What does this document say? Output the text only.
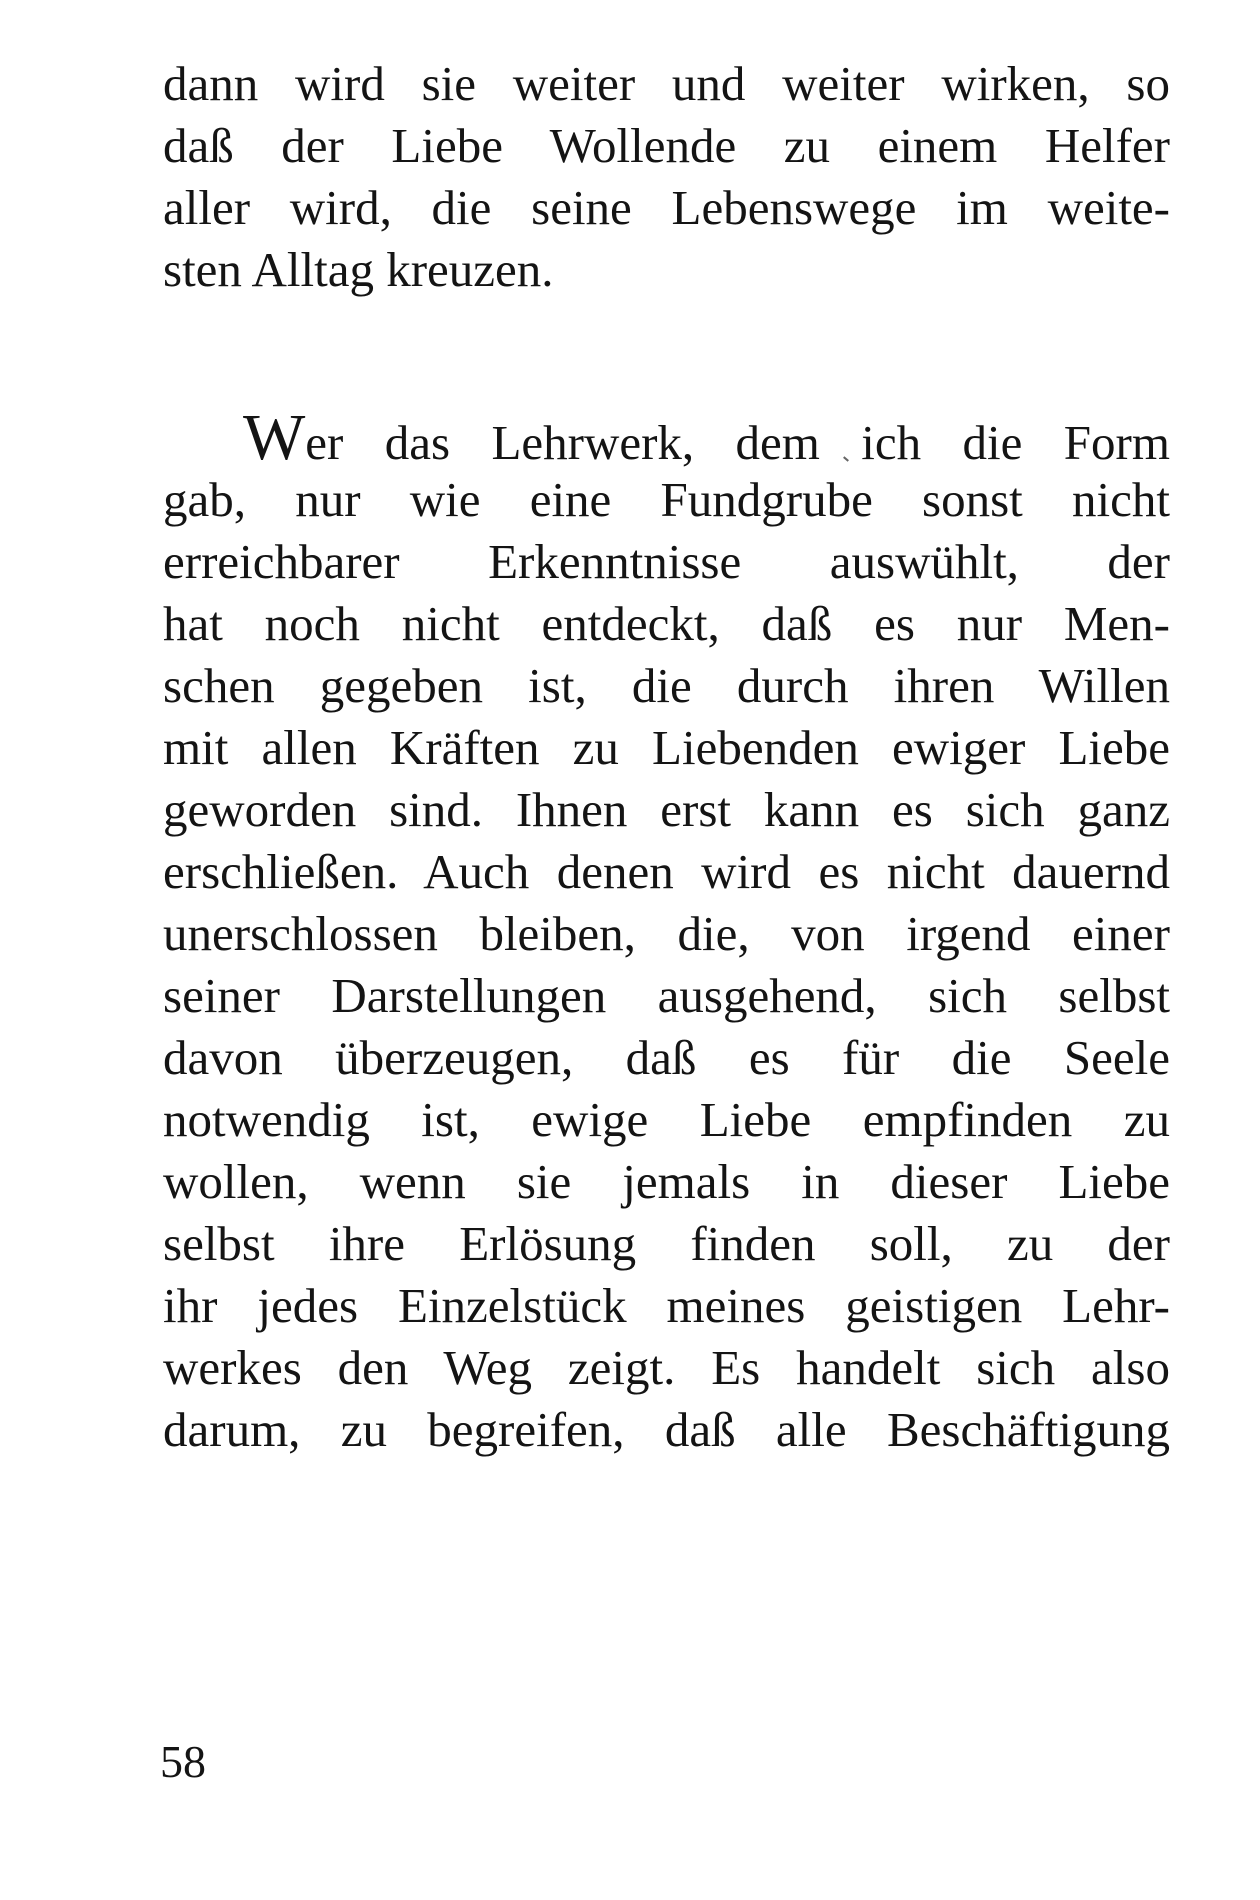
dann wird sie weiter und weiter wirken, so
daß der Liebe Wollende zu einem Helfer
aller wird, die seine Lebenswege im weite-
sten Alltag kreuzen.
Wer das Lehrwerk, dem ich die Form
gab, nur wie eine Fundgrube sonst nicht
erreichbarer Erkenntnisse auswühlt, der
hat noch nicht entdeckt, daß es nur Men-
schen gegeben ist, die durch ihren Willen
mit allen Kräften zu Liebenden ewiger Liebe
geworden sind. Ihnen erst kann es sich ganz
erschließen. Auch denen wird es nicht dauernd
unerschlossen bleiben, die, von irgend einer
seiner Darstellungen ausgehend, sich selbst
davon überzeugen, daß es für die Seele
notwendig ist, ewige Liebe empfinden zu
wollen, wenn sie jemals in dieser Liebe
selbst ihre Erlösung finden soll, zu der
ihr jedes Einzelstück meines geistigen Lehr-
werkes den Weg zeigt. Es handelt sich also
darum, zu begreifen, daß alle Beschäftigung
58
